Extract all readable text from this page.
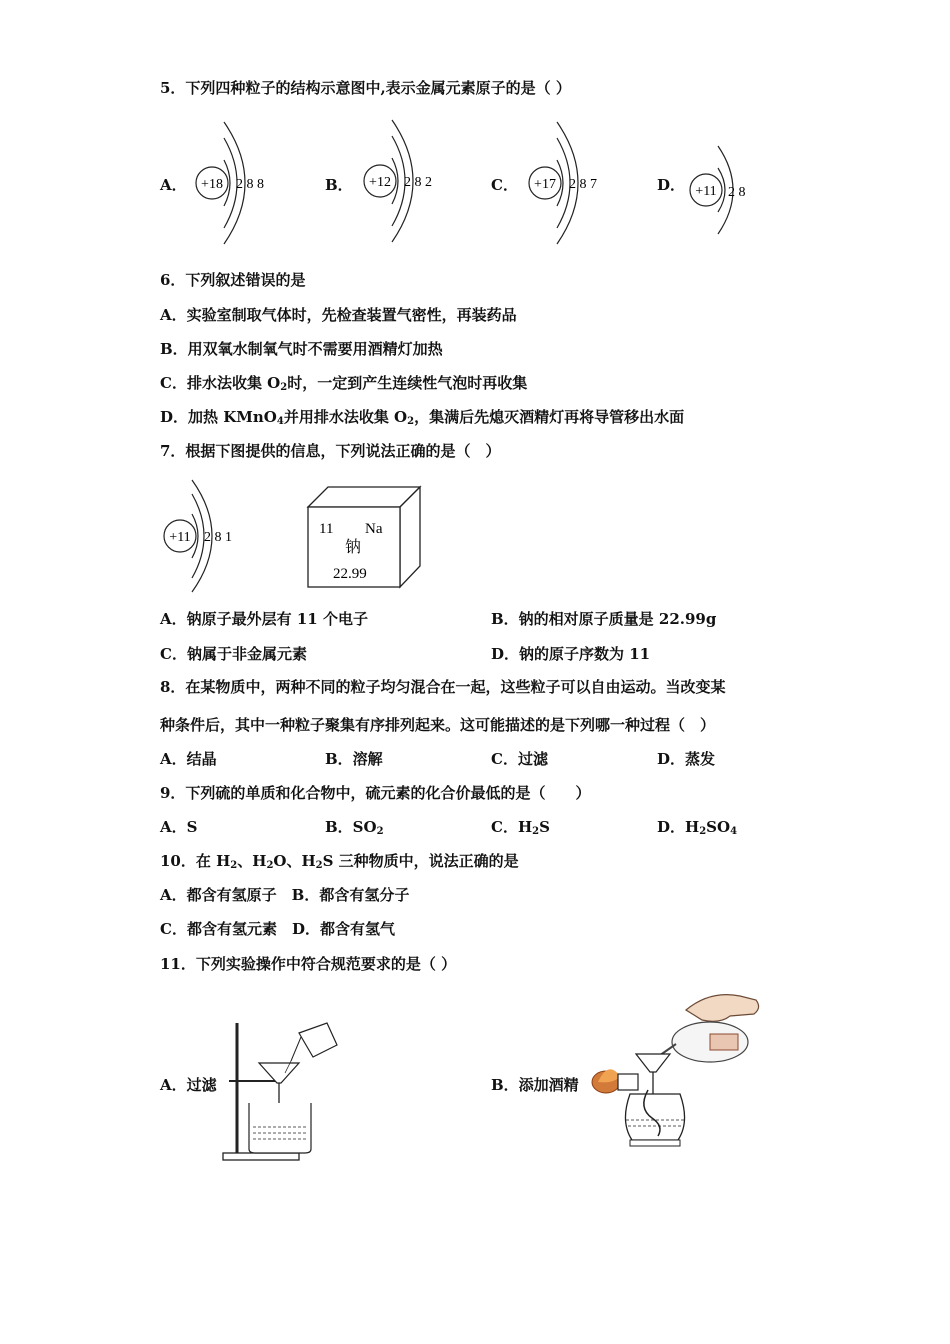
5．下列四种粒子的结构示意图中,表示金属元素原子的是（ ）
A． +18 2 8 8	B． +12 2 8 2	C． +17 2 8 7	D． +11 2 8
6．下列叙述错误的是
A．实验室制取气体时，先检查装置气密性，再装药品
B．用双氧水制氧气时不需要用酒精灯加热
C．排水法收集 $O_2$时，一定到产生连续性气泡时再收集
D．加热 KMnO$_4$并用排水法收集 $O_2$，集满后先熄灭酒精灯再将导管移出水面
7．根据下图提供的信息，下列说法正确的是（　）
+11 2 8 1
11 Na
钠
22.99
A．钠原子最外层有 11 个电子	B．钠的相对原子质量是 22.99g
C．钠属于非金属元素	D．钠的原子序数为 11
8．在某物质中，两种不同的粒子均匀混合在一起，这些粒子可以自由运动。当改变某
种条件后，其中一种粒子聚集有序排列起来。这可能描述的是下列哪一种过程（　）
A．结晶	B．溶解	C．过滤	D．蒸发
9．下列硫的单质和化合物中，硫元素的化合价最低的是（　　）
A．S	B．$SO_2$	C．$H_2S$	D．$H_2SO_4$
10．在 $H_2$、$H_2O$、$H_2S$ 三种物质中，说法正确的是
A．都含有氢原子　B．都含有氢分子
C．都含有氢元素　D．都含有氢气
11．下列实验操作中符合规范要求的是（ ）
A．过滤	B．添加酒精
